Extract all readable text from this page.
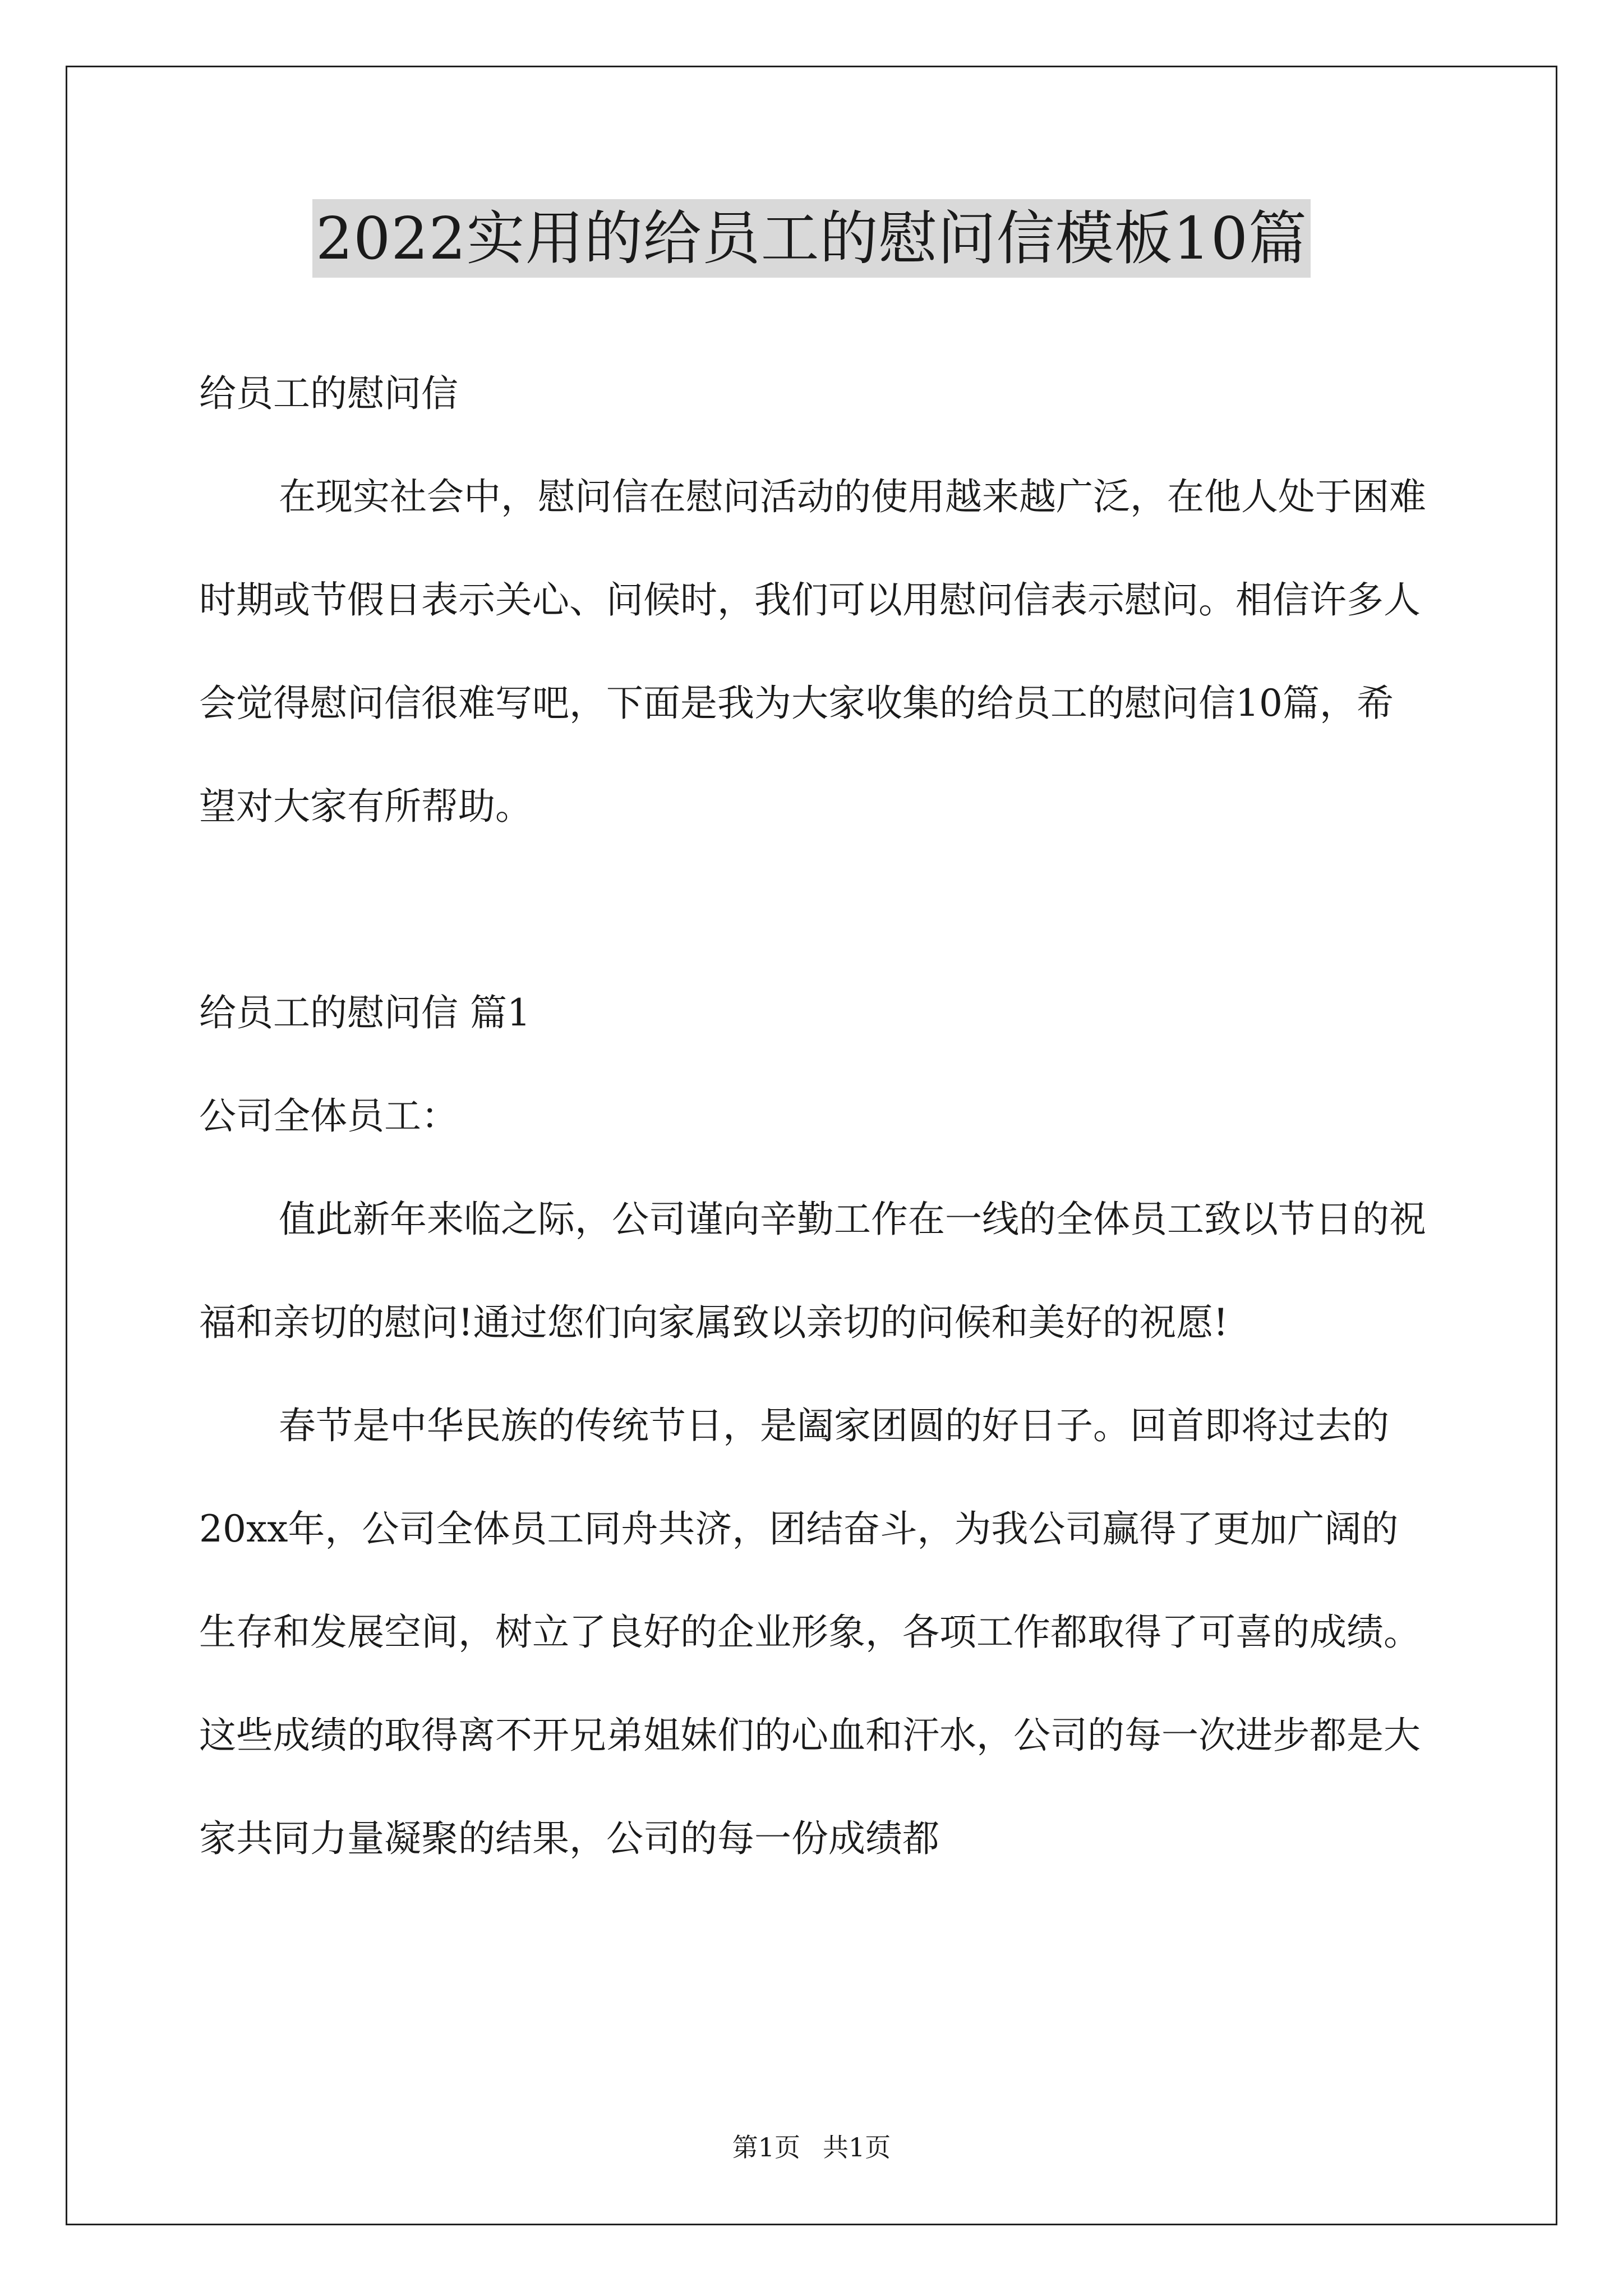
2022实用的给员工的慰问信模板10篇

给员工的慰问信

在现实社会中，慰问信在慰问活动的使用越来越广泛，在他人处于困难时期或节假日表示关心、问候时，我们可以用慰问信表示慰问。相信许多人会觉得慰问信很难写吧，下面是我为大家收集的给员工的慰问信10篇，希望对大家有所帮助。

给员工的慰问信 篇1

公司全体员工：

值此新年来临之际，公司谨向辛勤工作在一线的全体员工致以节日的祝福和亲切的慰问!通过您们向家属致以亲切的问候和美好的祝愿!

春节是中华民族的传统节日，是阖家团圆的好日子。回首即将过去的20xx年，公司全体员工同舟共济，团结奋斗，为我公司赢得了更加广阔的生存和发展空间，树立了良好的企业形象，各项工作都取得了可喜的成绩。这些成绩的取得离不开兄弟姐妹们的心血和汗水，公司的每一次进步都是大家共同力量凝聚的结果，公司的每一份成绩都

第1页 共1页
